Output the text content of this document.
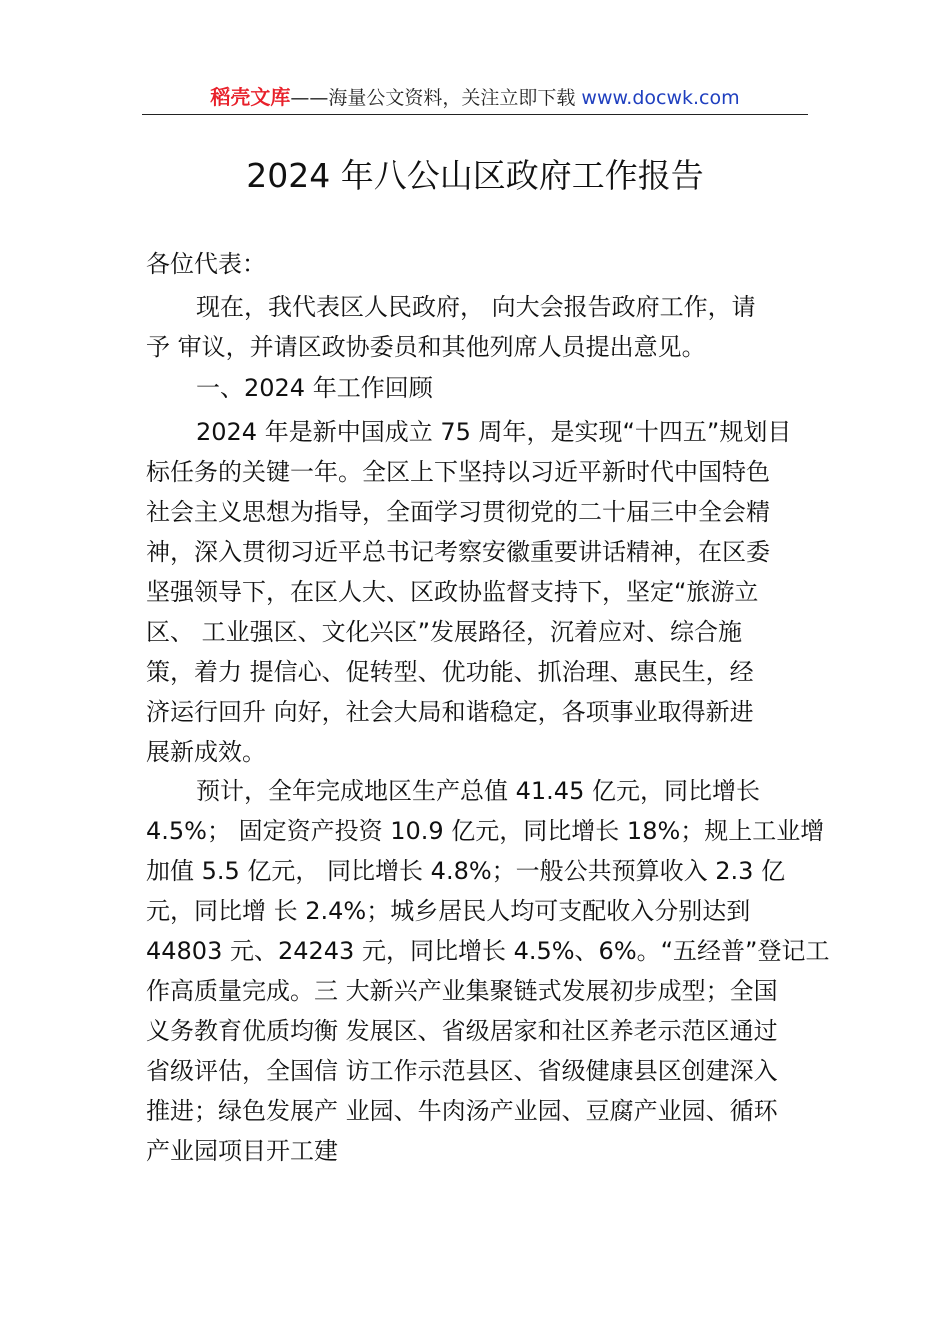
稻壳文库——海量公文资料，关注立即下载 www.docwk.com
2024 年八公山区政府工作报告
各位代表：
现在，我代表区人民政府， 向大会报告政府工作，请
予 审议，并请区政协委员和其他列席人员提出意见。
一、2024 年工作回顾
2024 年是新中国成立 75 周年，是实现“十四五”规划目
标任务的关键一年。全区上下坚持以习近平新时代中国特色
社会主义思想为指导，全面学习贯彻党的二十届三中全会精
神，深入贯彻习近平总书记考察安徽重要讲话精神，在区委
坚强领导下，在区人大、区政协监督支持下，坚定“旅游立
区、 工业强区、文化兴区”发展路径，沉着应对、综合施
策，着力 提信心、促转型、优功能、抓治理、惠民生，经
济运行回升 向好，社会大局和谐稳定，各项事业取得新进
展新成效。
预计，全年完成地区生产总值 41.45 亿元，同比增长
4.5%； 固定资产投资 10.9 亿元，同比增长 18%；规上工业增
加值 5.5 亿元， 同比增长 4.8%；一般公共预算收入 2.3 亿
元，同比增 长 2.4%；城乡居民人均可支配收入分别达到
44803 元、24243 元，同比增长 4.5%、6%。“五经普”登记工
作高质量完成。三 大新兴产业集聚链式发展初步成型；全国
义务教育优质均衡 发展区、省级居家和社区养老示范区通过
省级评估，全国信 访工作示范县区、省级健康县区创建深入
推进；绿色发展产 业园、牛肉汤产业园、豆腐产业园、循环
产业园项目开工建
